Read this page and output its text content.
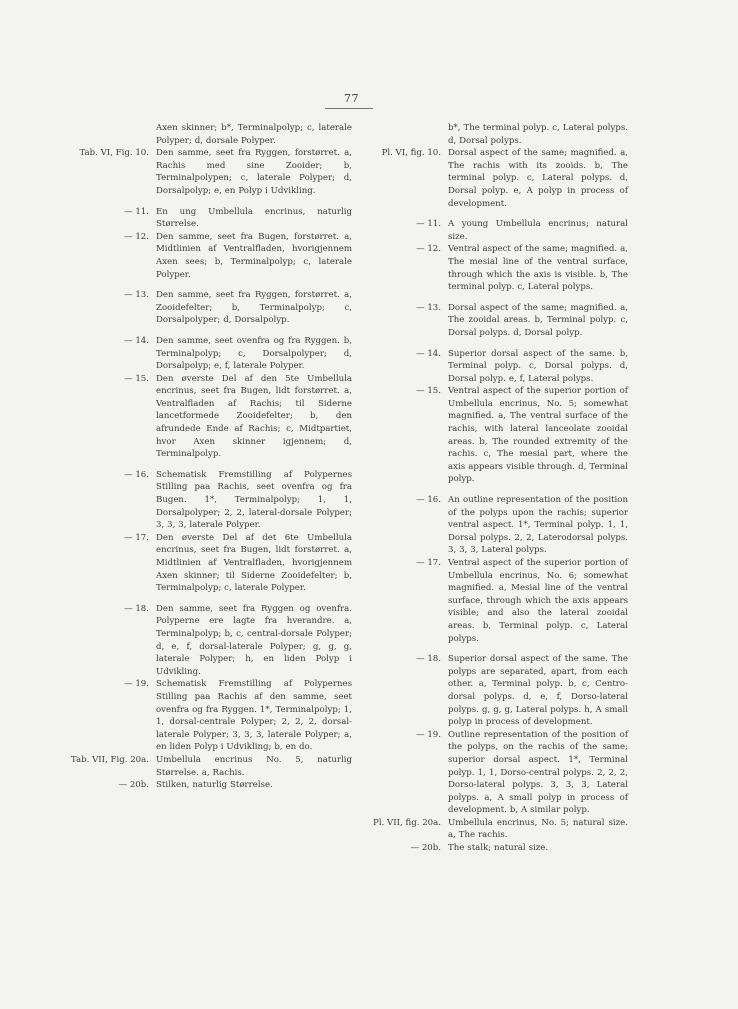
77
Axen skinner; b*, Terminalpolyp; c, laterale Polyper; d, dorsale Polyper.
Tab. VI, Fig. 10. Den samme, seet fra Ryggen, forstørret. a, Rachis med sine Zooider; b, Terminalpolypen; c, laterale Polyper; d, Dorsalpolyp; e, en Polyp i Udvikling.
— 11. En ung Umbellula encrinus, naturlig Størrelse.
— 12. Den samme, seet fra Bugen, forstørret. a, Midtlinien af Ventralfladen, hvorigjennem Axen sees; b, Terminalpolyp; c, laterale Polyper.
— 13. Den samme, seet fra Ryggen, forstørret. a, Zooidefelter; b, Terminalpolyp; c, Dorsalpolyper; d, Dorsalpolyp.
— 14. Den samme, seet ovenfra og fra Ryggen. b, Terminalpolyp; c, Dorsalpolyper; d, Dorsalpolyp; e, f, laterale Polyper.
— 15. Den øverste Del af den 5te Umbellula encrinus, seet fra Bugen, lidt forstørret. a, Ventralfladen af Rachis; til Siderne lancetformede Zooidefelter; b, den afrundede Ende af Rachis; c, Midtpartiet, hvor Axen skinner igjennem; d, Terminalpolyp.
— 16. Schematisk Fremstilling af Polypernes Stilling paa Rachis, seet ovenfra og fra Bugen. 1*, Terminalpolyp; 1, 1, Dorsalpolyper; 2, 2, lateral-dorsale Polyper; 3, 3, 3, laterale Polyper.
— 17. Den øverste Del af det 6te Umbellula encrinus, seet fra Bugen, lidt forstørret. a, Midtlinien af Ventralfladen, hvorigjennem Axen skinner; til Siderne Zooidefelter; b, Terminalpolyp; c, laterale Polyper.
— 18. Den samme, seet fra Ryggen og ovenfra. Polyperne ere lagte fra hverandre. a, Terminalpolyp; b, c, central-dorsale Polyper; d, e, f, dorsal-laterale Polyper; g, g, g, laterale Polyper; h, en liden Polyp i Udvikling.
— 19. Schematisk Fremstilling af Polypernes Stilling paa Rachis af den samme, seet ovenfra og fra Ryggen. 1*, Terminalpolyp; 1, 1, dorsal-centrale Polyper; 2, 2, 2, dorsal-laterale Polyper; 3, 3, 3, laterale Polyper; a, en liden Polyp i Udvikling; b, en do.
Tab. VII, Fig. 20a. Umbellula encrinus No. 5, naturlig Størrelse. a, Rachis.
— 20b. Stilken, naturlig Størrelse.
b*, The terminal polyp. c, Lateral polyps. d, Dorsal polyps.
Pl. VI, fig. 10. Dorsal aspect of the same; magnified. a, The rachis with its zooids. b, The terminal polyp. c, Lateral polyps. d, Dorsal polyp. e, A polyp in process of development.
— 11. A young Umbellula encrinus; natural size.
— 12. Ventral aspect of the same; magnified. a, The mesial line of the ventral surface, through which the axis is visible. b, The terminal polyp. c, Lateral polyps.
— 13. Dorsal aspect of the same; magnified. a, The zooidal areas. b, Terminal polyp. c, Dorsal polyps. d, Dorsal polyp.
— 14. Superior dorsal aspect of the same. b, Terminal polyp. c, Dorsal polyps. d, Dorsal polyp. e, f, Lateral polyps.
— 15. Ventral aspect of the superior portion of Umbellula encrinus, No. 5; somewhat magnified. a, The ventral surface of the rachis, with lateral lanceolate zooidal areas. b, The rounded extremity of the rachis. c, The mesial part, where the axis appears visible through. d, Terminal polyp.
— 16. An outline representation of the position of the polyps upon the rachis; superior ventral aspect. 1*, Terminal polyp. 1, 1, Dorsal polyps. 2, 2, Laterodorsal polyps. 3, 3, 3, Lateral polyps.
— 17. Ventral aspect of the superior portion of Umbellula encrinus, No. 6; somewhat magnified. a, Mesial line of the ventral surface, through which the axis appears visible; and also the lateral zooidal areas. b, Terminal polyp. c, Lateral polyps.
— 18. Superior dorsal aspect of the same. The polyps are separated, apart, from each other. a, Terminal polyp. b, c, Centro-dorsal polyps. d, e, f, Dorso-lateral polyps. g, g, g, Lateral polyps. h, A small polyp in process of development.
— 19. Outline representation of the position of the polyps, on the rachis of the same; superior dorsal aspect. 1*, Terminal polyp. 1, 1, Dorso-central polyps. 2, 2, 2, Dorso-lateral polyps. 3, 3, 3, Lateral polyps. a, A small polyp in process of development. b, A similar polyp.
Pl. VII, fig. 20a. Umbellula encrinus, No. 5; natural size. a, The rachis.
— 20b. The stalk; natural size.
